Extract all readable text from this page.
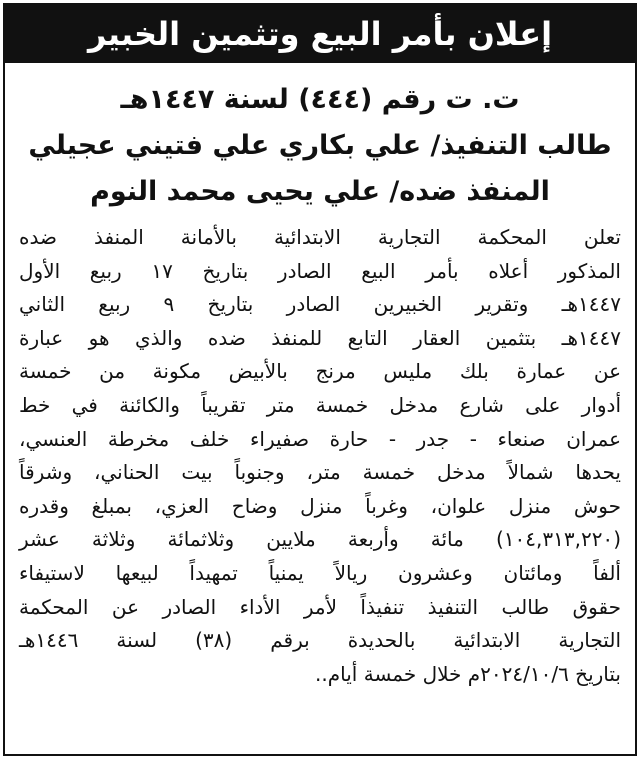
إعلان بأمر البيع وتثمين الخبير
ت. ت رقم (٤٤٤) لسنة ١٤٤٧هـ
طالب التنفيذ/ علي بكاري علي فتيني عجيلي
المنفذ ضده/ علي يحيى محمد النوم
تعلن المحكمة التجارية الابتدائية بالأمانة المنفذ ضده
المذكور أعلاه بأمر البيع الصادر بتاريخ ١٧ ربيع الأول
١٤٤٧هـ وتقرير الخبيرين الصادر بتاريخ ٩ ربيع الثاني
١٤٤٧هـ بتثمين العقار التابع للمنفذ ضده والذي هو عبارة
عن عمارة بلك مليس مرنج بالأبيض مكونة من خمسة
أدوار على شارع مدخل خمسة متر تقريباً والكائنة في خط
عمران صنعاء - جدر - حارة صفيراء خلف مخرطة العنسي،
يحدها شمالاً مدخل خمسة متر، وجنوباً بيت الحناني، وشرقاً
حوش منزل علوان، وغرباً منزل وضاح العزي، بمبلغ وقدره
(١٠٤,٣١٣,٢٢٠) مائة وأربعة ملايين وثلاثمائة وثلاثة عشر
ألفاً ومائتان وعشرون ريالاً يمنياً تمهيداً لبيعها لاستيفاء
حقوق طالب التنفيذ تنفيذاً لأمر الأداء الصادر عن المحكمة
التجارية الابتدائية بالحديدة برقم (٣٨) لسنة ١٤٤٦هـ
بتاريخ ٢٠٢٤/١٠/٦م خلال خمسة أيام..
